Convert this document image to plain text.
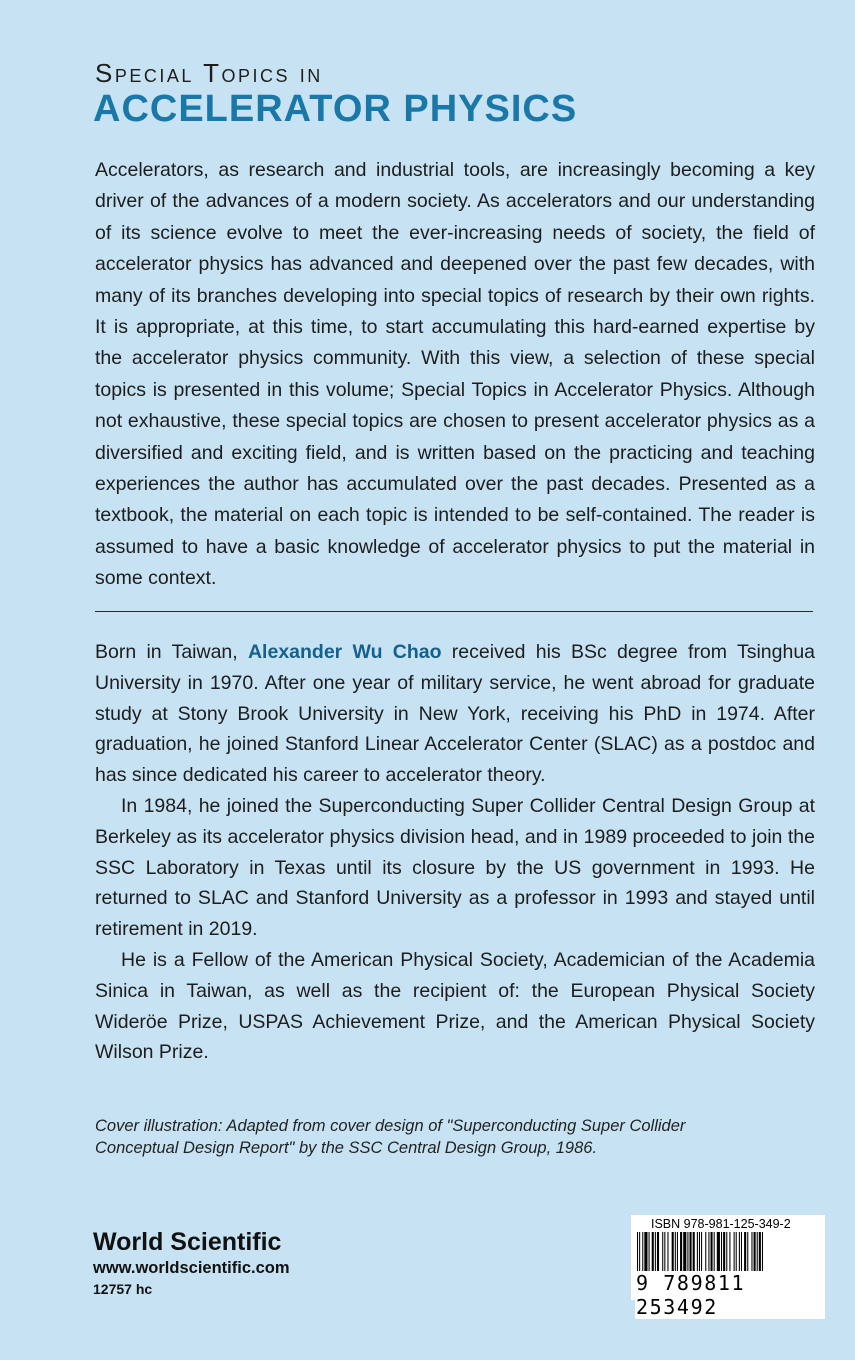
Special Topics in
ACCELERATOR PHYSICS

Accelerators, as research and industrial tools, are increasingly becoming a key driver of the advances of a modern society. As accelerators and our understanding of its science evolve to meet the ever-increasing needs of society, the field of accelerator physics has advanced and deepened over the past few decades, with many of its branches developing into special topics of research by their own rights. It is appropriate, at this time, to start accumulating this hard-earned expertise by the accelerator physics community. With this view, a selection of these special topics is presented in this volume; Special Topics in Accelerator Physics. Although not exhaustive, these special topics are chosen to present accelerator physics as a diversified and exciting field, and is written based on the practicing and teaching experiences the author has accumulated over the past decades. Presented as a textbook, the material on each topic is intended to be self-contained. The reader is assumed to have a basic knowledge of accelerator physics to put the material in some context.

Born in Taiwan, Alexander Wu Chao received his BSc degree from Tsinghua University in 1970. After one year of military service, he went abroad for graduate study at Stony Brook University in New York, receiving his PhD in 1974. After graduation, he joined Stanford Linear Accelerator Center (SLAC) as a postdoc and has since dedicated his career to accelerator theory.

In 1984, he joined the Superconducting Super Collider Central Design Group at Berkeley as its accelerator physics division head, and in 1989 proceeded to join the SSC Laboratory in Texas until its closure by the US government in 1993. He returned to SLAC and Stanford University as a professor in 1993 and stayed until retirement in 2019.

He is a Fellow of the American Physical Society, Academician of the Academia Sinica in Taiwan, as well as the recipient of: the European Physical Society Wideröe Prize, USPAS Achievement Prize, and the American Physical Society Wilson Prize.

Cover illustration: Adapted from cover design of "Superconducting Super Collider Conceptual Design Report" by the SSC Central Design Group, 1986.

World Scientific
www.worldscientific.com
12757 hc
ISBN 978-981-125-349-2
9 789811 253492
